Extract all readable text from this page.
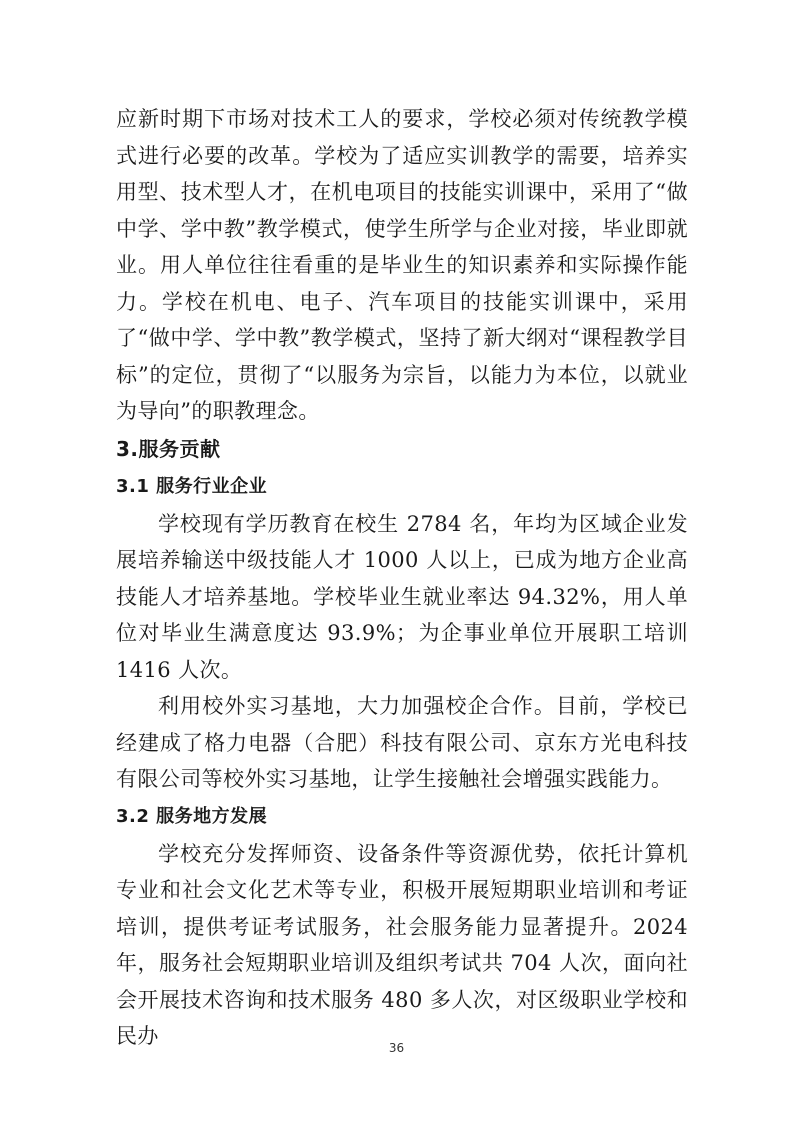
应新时期下市场对技术工人的要求，学校必须对传统教学模式进行必要的改革。学校为了适应实训教学的需要，培养实用型、技术型人才，在机电项目的技能实训课中，采用了“做中学、学中教”教学模式，使学生所学与企业对接，毕业即就业。用人单位往往看重的是毕业生的知识素养和实际操作能力。学校在机电、电子、汽车项目的技能实训课中，采用了“做中学、学中教”教学模式，坚持了新大纲对“课程教学目标”的定位，贯彻了“以服务为宗旨，以能力为本位，以就业为导向”的职教理念。

3.服务贡献
3.1 服务行业企业

学校现有学历教育在校生 2784 名，年均为区域企业发展培养输送中级技能人才 1000 人以上，已成为地方企业高技能人才培养基地。学校毕业生就业率达 94.32%，用人单位对毕业生满意度达 93.9%；为企事业单位开展职工培训 1416 人次。

利用校外实习基地，大力加强校企合作。目前，学校已经建成了格力电器（合肥）科技有限公司、京东方光电科技有限公司等校外实习基地，让学生接触社会增强实践能力。

3.2 服务地方发展

学校充分发挥师资、设备条件等资源优势，依托计算机专业和社会文化艺术等专业，积极开展短期职业培训和考证培训，提供考证考试服务，社会服务能力显著提升。2024 年，服务社会短期职业培训及组织考试共 704 人次，面向社会开展技术咨询和技术服务 480 多人次，对区级职业学校和民办	36
